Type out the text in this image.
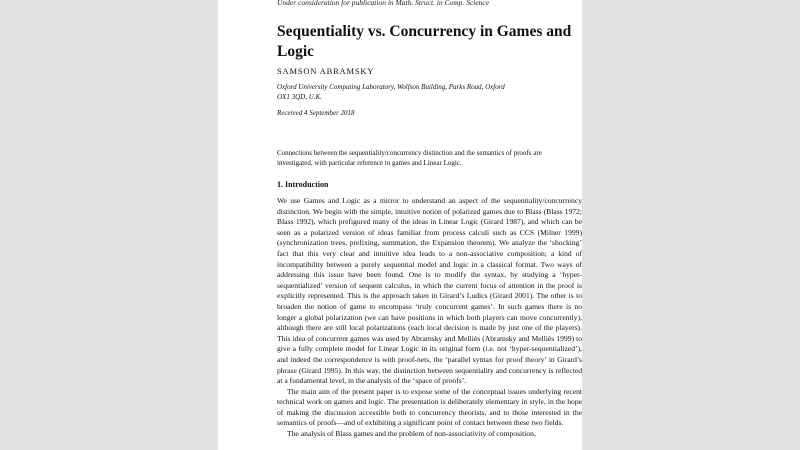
Under consideration for publication in Math. Struct. in Comp. Science
Sequentiality vs. Concurrency in Games and Logic
SAMSON ABRAMSKY
Oxford University Computing Laboratory, Wolfson Building, Parks Road, Oxford OX1 3QD, U.K.
Received 4 September 2018
Connections between the sequentiality/concurrency distinction and the semantics of proofs are investigated, with particular reference to games and Linear Logic.
1. Introduction

We use Games and Logic as a mirror to understand an aspect of the sequentiality/concurrency distinction. We begin with the simple, intuitive notion of polarized games due to Blass (Blass 1972; Blass 1992), which prefigured many of the ideas in Linear Logic (Girard 1987), and which can be seen as a polarized version of ideas familiar from process calculi such as CCS (Milner 1999) (synchronization trees, prefixing, summation, the Expansion theorem). We analyze the ‘shocking’ fact that this very clear and intuitive idea leads to a non-associative composition; a kind of incompatibility between a purely sequential model and logic in a classical format. Two ways of addressing this issue have been found. One is to modify the syntax, by studying a ‘hyper-sequentialized’ version of sequent calculus, in which the current focus of attention in the proof is explicitly represented. This is the approach taken in Girard’s Ludics (Girard 2001). The other is to broaden the notion of game to encompass ‘truly concurrent games’. In such games there is no longer a global polarization (we can have positions in which both players can move concurrently), although there are still local polarizations (each local decision is made by just one of the players). This idea of concurrent games was used by Abramsky and Melliès (Abramsky and Melliès 1999) to give a fully complete model for Linear Logic in its original form (i.e. not ‘hyper-sequentialized’), and indeed the correspondence is with proof-nets, the ‘parallel syntax for proof theory’ in Girard’s phrase (Girard 1995). In this way, the distinction between sequentiality and concurrency is reflected at a fundamental level, in the analysis of the ‘space of proofs’.

The main aim of the present paper is to expose some of the conceptual issues underlying recent technical work on games and logic. The presentation is deliberately elementary in style, in the hope of making the discussion accessible both to concurrency theorists, and to those interested in the semantics of proofs—and of exhibiting a significant point of contact between these two fields.

The analysis of Blass games and the problem of non-associativity of composition,
